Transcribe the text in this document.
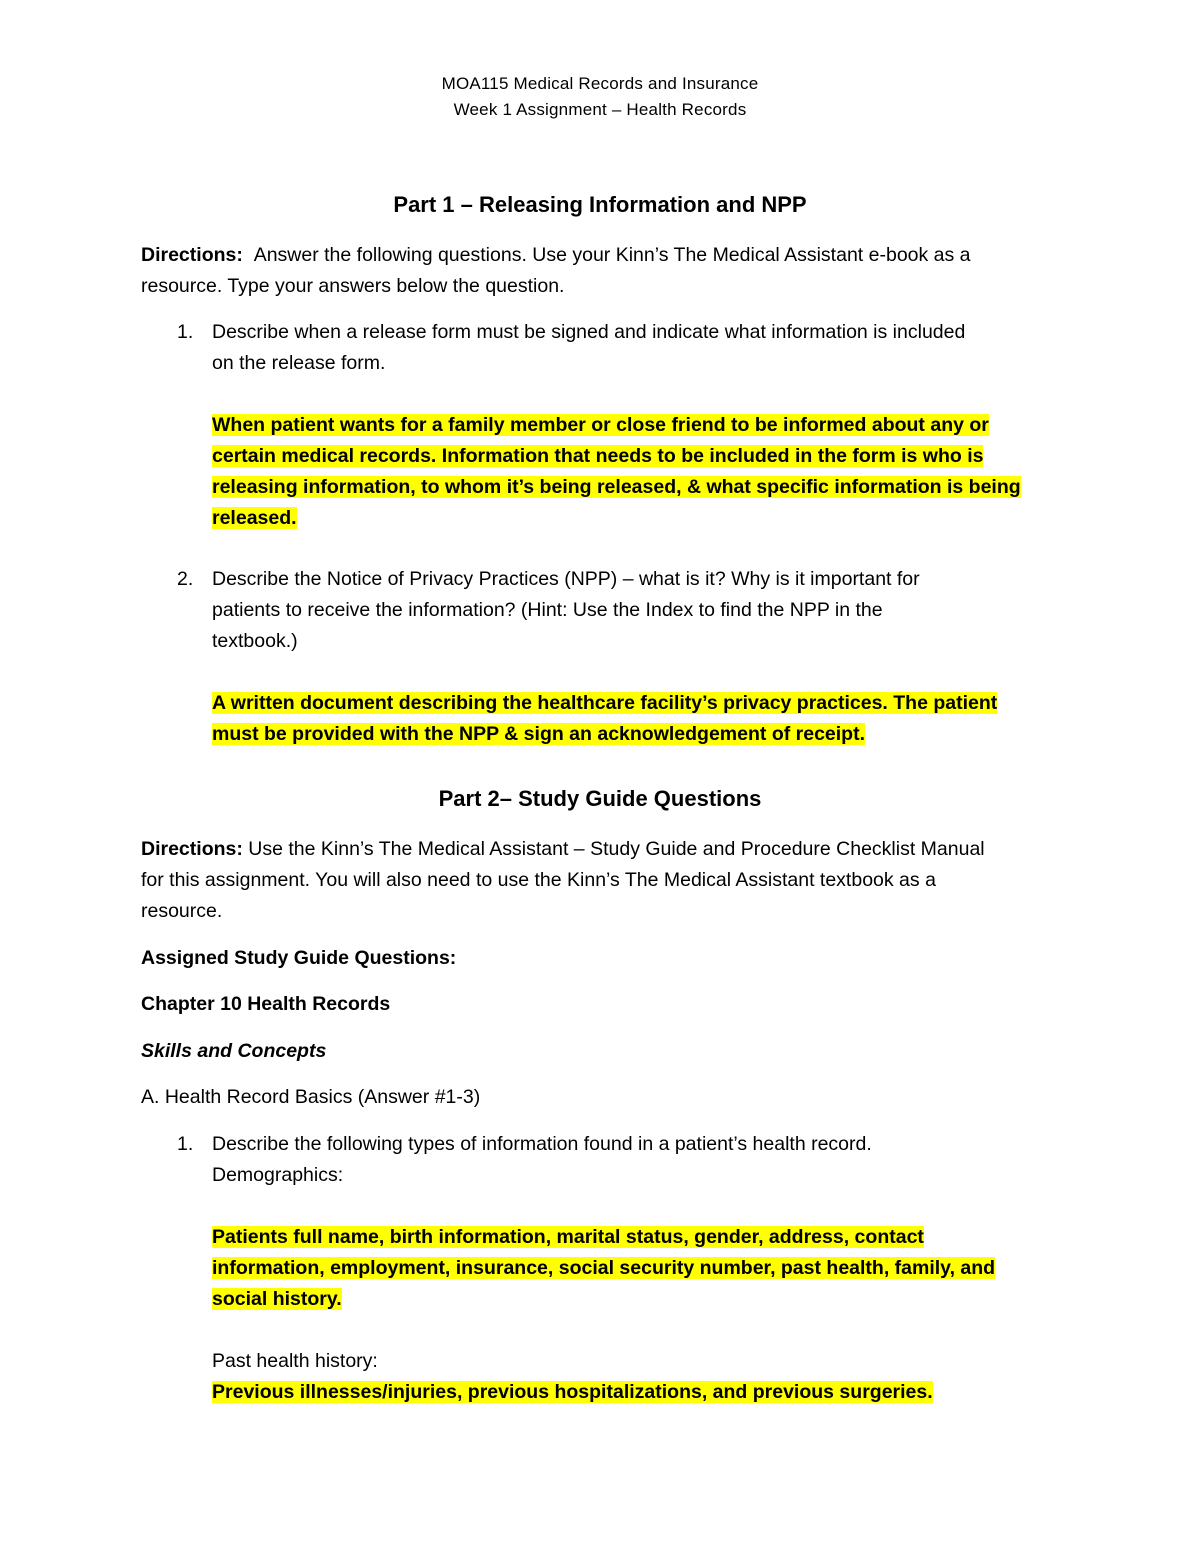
MOA115 Medical Records and Insurance
Week 1 Assignment – Health Records
Part 1 – Releasing Information and NPP
Directions: Answer the following questions. Use your Kinn’s The Medical Assistant e-book as a
resource. Type your answers below the question.
1. Describe when a release form must be signed and indicate what information is included
on the release form.
When patient wants for a family member or close friend to be informed about any or
certain medical records. Information that needs to be included in the form is who is
releasing information, to whom it’s being released, & what specific information is being
released.
2. Describe the Notice of Privacy Practices (NPP) – what is it? Why is it important for
patients to receive the information? (Hint: Use the Index to find the NPP in the
textbook.)
A written document describing the healthcare facility’s privacy practices. The patient
must be provided with the NPP & sign an acknowledgement of receipt.
Part 2– Study Guide Questions
Directions: Use the Kinn’s The Medical Assistant – Study Guide and Procedure Checklist Manual
for this assignment. You will also need to use the Kinn’s The Medical Assistant textbook as a
resource.
Assigned Study Guide Questions:
Chapter 10 Health Records
Skills and Concepts
A. Health Record Basics (Answer #1-3)
1. Describe the following types of information found in a patient’s health record.
Demographics:
Patients full name, birth information, marital status, gender, address, contact
information, employment, insurance, social security number, past health, family, and
social history.
Past health history:
Previous illnesses/injuries, previous hospitalizations, and previous surgeries.
